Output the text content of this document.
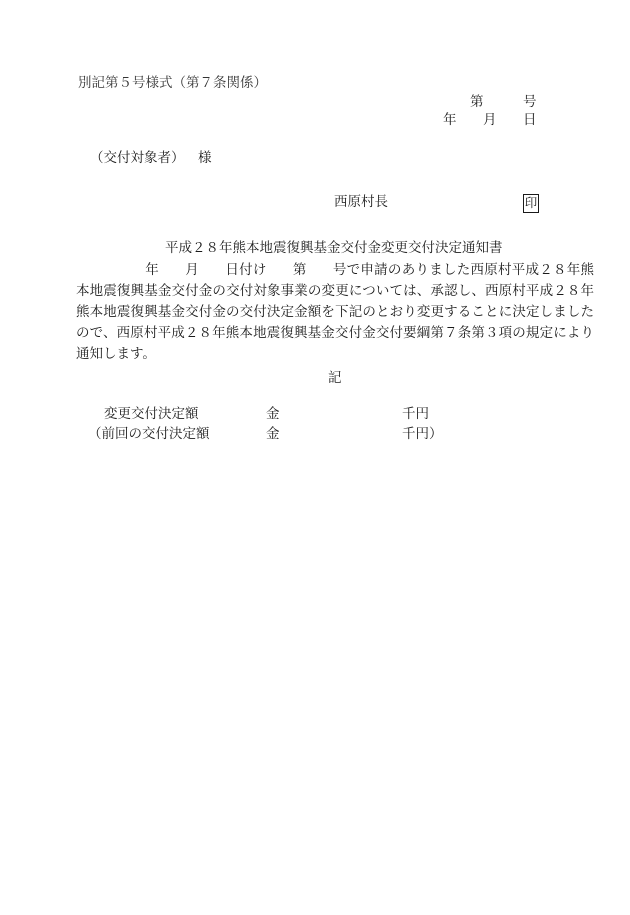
別記第５号様式（第７条関係）
第	号
年 月 日
（交付対象者） 様
西原村長	印
平成２８年熊本地震復興基金交付金変更交付決定通知書
年 月 日付け 第 号で申請のありました西原村平成２８年熊本地震復興基金交付金の交付対象事業の変更については、承認し、西原村平成２８年熊本地震復興基金交付金の交付決定金額を下記のとおり変更することに決定しましたので、西原村平成２８年熊本地震復興基金交付金交付要綱第７条第３項の規定により通知します。
記
変更交付決定額	金	千円
（前回の交付決定額	金	千円）
